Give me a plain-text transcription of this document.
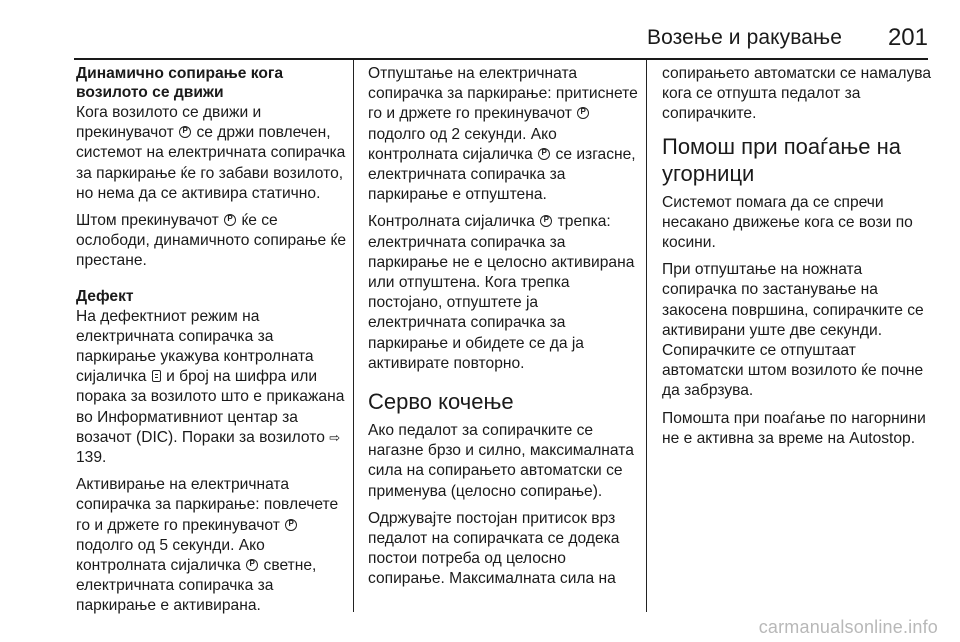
Возење и ракување 201
Динамично сопирање кога возилото се движи

Кога возилото се движи и прекинувачот P се држи повлечен, системот на електричната сопирачка за паркирање ќе го забави возилото, но нема да се активира статично.

Штом прекинувачот P ќе се ослободи, динамичното сопирање ќе престане.

Дефект

На дефектниот режим на електричната сопирачка за паркирање укажува контролната сијаличка и број на шифра или порака за возилото што е прикажана во Информативниот центар за возачот (DIC). Пораки за возилото ⇨139.

Активирање на електричната сопирачка за паркирање: повлечете го и држете го прекинувачот P подолго од 5 секунди. Ако контролната сијаличка P светне, електричната сопирачка за паркирање е активирана.

Отпуштање на електричната сопирачка за паркирање: притиснете го и држете го прекинувачот P подолго од 2 секунди. Ако контролната сијаличка P се изгасне, електричната сопирачка за паркирање е отпуштена.

Контролната сијаличка P трепка: електричната сопирачка за паркирање не е целосно активирана или отпуштена. Кога трепка постојано, отпуштете ја електричната сопирачка за паркирање и обидете се да ја активирате повторно.

Серво кочење

Ако педалот за сопирачките се нагазне брзо и силно, максималната сила на сопирањето автоматски се применува (целосно сопирање).

Одржувајте постојан притисок врз педалот на сопирачката се додека постои потреба од целосно сопирање. Максималната сила на

сопирањето автоматски се намалува кога се отпушта педалот за сопирачките.

Помош при поаѓање на угорници

Системот помага да се спречи несакано движење кога се вози по косини.

При отпуштање на ножната сопирачка по застанување на закосена површина, сопирачките се активирани уште две секунди. Сопирачките се отпуштаат автоматски штом возилото ќе почне да забрзува.

Помошта при поаѓање по нагорнини не е активна за време на Autostop.

carmanualsonline.info
